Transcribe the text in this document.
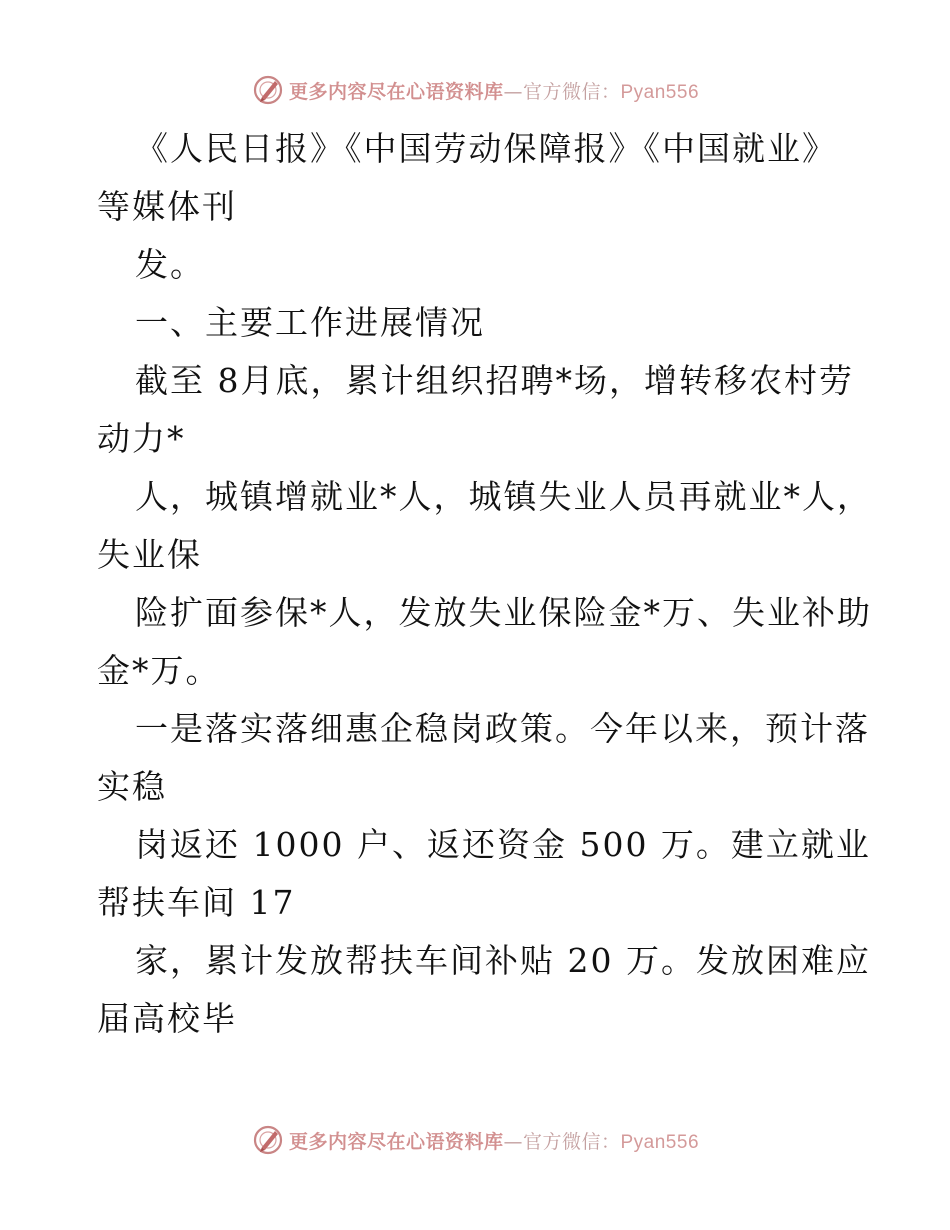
更多内容尽在心语资料库—官方微信：Pyan556
《人民日报》《中国劳动保障报》《中国就业》
等媒体刊
发。
一、主要工作进展情况
截至 8月底，累计组织招聘*场，增转移农村劳
动力*
人，城镇增就业*人，城镇失业人员再就业*人，
失业保
险扩面参保*人，发放失业保险金*万、失业补助
金*万。
一是落实落细惠企稳岗政策。今年以来，预计落
实稳
岗返还 1000 户、返还资金 500 万。建立就业
帮扶车间 17
家，累计发放帮扶车间补贴 20 万。发放困难应
届高校毕
更多内容尽在心语资料库—官方微信：Pyan556
